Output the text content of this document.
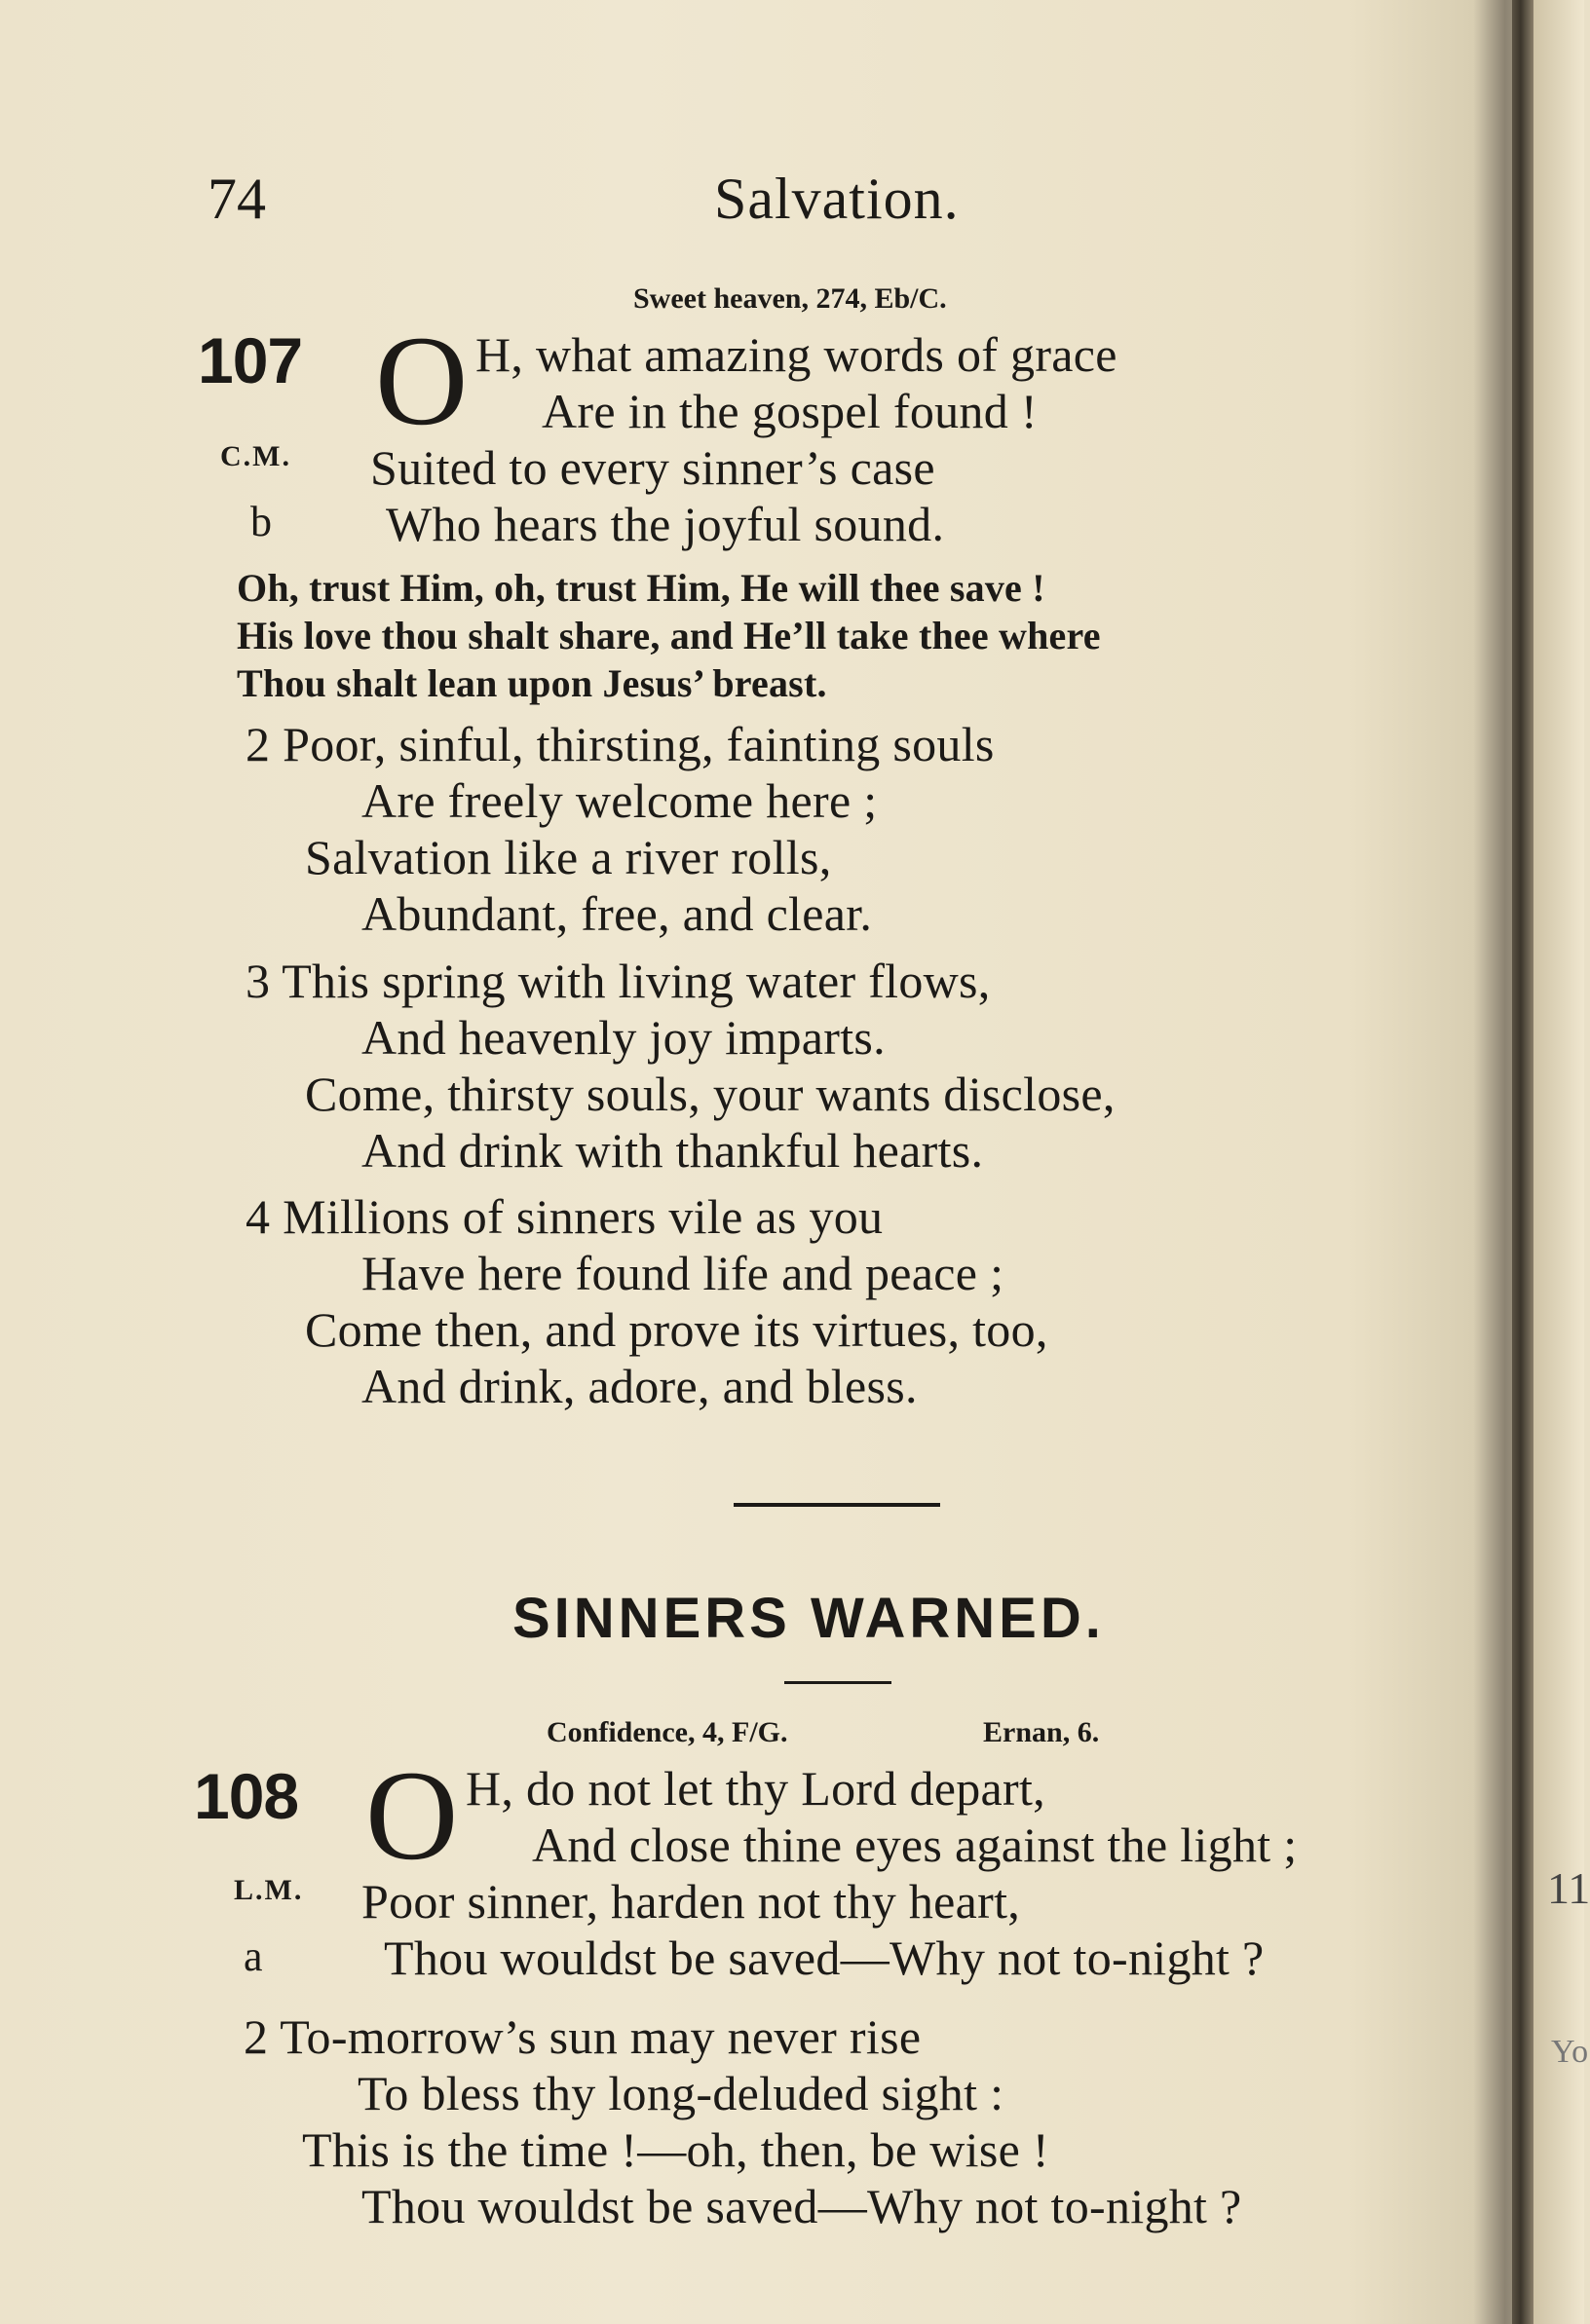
74	Salvation.
Sweet heaven, 274, Eb/C.
107 O
C.M.
b
H, what amazing words of grace
Are in the gospel found !
Suited to every sinner’s case
Who hears the joyful sound.
Oh, trust Him, oh, trust Him, He will thee save !
His love thou shalt share, and He’ll take thee where
Thou shalt lean upon Jesus’ breast.
2 Poor, sinful, thirsting, fainting souls
Are freely welcome here ;
Salvation like a river rolls,
Abundant, free, and clear.
3 This spring with living water flows,
And heavenly joy imparts.
Come, thirsty souls, your wants disclose,
And drink with thankful hearts.
4 Millions of sinners vile as you
Have here found life and peace ;
Come then, and prove its virtues, too,
And drink, adore, and bless.
SINNERS WARNED.
Confidence, 4, F/G.	Ernan, 6.
108 O
L.M.
a
H, do not let thy Lord depart,
And close thine eyes against the light ;
Poor sinner, harden not thy heart,
Thou wouldst be saved—Why not to-night ?
2 To-morrow’s sun may never rise
To bless thy long-deluded sight :
This is the time !—oh, then, be wise !
Thou wouldst be saved—Why not to-night ?
11
Yo
